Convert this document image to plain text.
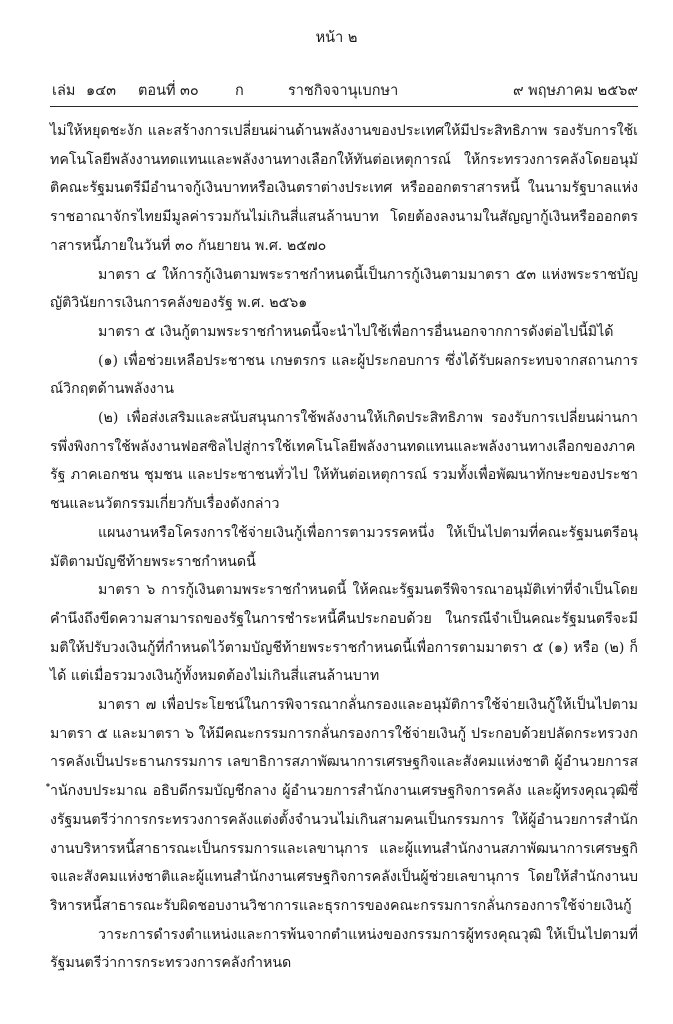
หน้า ๒
เล่ม ๑๔๓ ตอนที่ ๓๐ ก	ราชกิจจานุเบกษา	๙ พฤษภาคม ๒๕๖๙

ไม่ให้หยุดชะงัก และสร้างการเปลี่ยนผ่านด้านพลังงานของประเทศให้มีประสิทธิภาพ รองรับการใช้เทคโนโลยีพลังงานทดแทนและพลังงานทางเลือกให้ทันต่อเหตุการณ์ ให้กระทรวงการคลังโดยอนุมัติคณะรัฐมนตรีมีอำนาจกู้เงินบาทหรือเงินตราต่างประเทศ หรือออกตราสารหนี้ ในนามรัฐบาลแห่งราชอาณาจักรไทยมีมูลค่ารวมกันไม่เกินสี่แสนล้านบาท โดยต้องลงนามในสัญญากู้เงินหรือออกตราสารหนี้ภายในวันที่ ๓๐ กันยายน พ.ศ. ๒๕๗๐

มาตรา ๔ ให้การกู้เงินตามพระราชกำหนดนี้เป็นการกู้เงินตามมาตรา ๕๓ แห่งพระราชบัญญัติวินัยการเงินการคลังของรัฐ พ.ศ. ๒๕๖๑

มาตรา ๕ เงินกู้ตามพระราชกำหนดนี้จะนำไปใช้เพื่อการอื่นนอกจากการดังต่อไปนี้มิได้

(๑) เพื่อช่วยเหลือประชาชน เกษตรกร และผู้ประกอบการ ซึ่งได้รับผลกระทบจากสถานการณ์วิกฤตด้านพลังงาน

(๒) เพื่อส่งเสริมและสนับสนุนการใช้พลังงานให้เกิดประสิทธิภาพ รองรับการเปลี่ยนผ่านการพึ่งพิงการใช้พลังงานฟอสซิลไปสู่การใช้เทคโนโลยีพลังงานทดแทนและพลังงานทางเลือกของภาครัฐ ภาคเอกชน ชุมชน และประชาชนทั่วไป ให้ทันต่อเหตุการณ์ รวมทั้งเพื่อพัฒนาทักษะของประชาชนและนวัตกรรมเกี่ยวกับเรื่องดังกล่าว

แผนงานหรือโครงการใช้จ่ายเงินกู้เพื่อการตามวรรคหนึ่ง ให้เป็นไปตามที่คณะรัฐมนตรีอนุมัติตามบัญชีท้ายพระราชกำหนดนี้

มาตรา ๖ การกู้เงินตามพระราชกำหนดนี้ ให้คณะรัฐมนตรีพิจารณาอนุมัติเท่าที่จำเป็นโดยคำนึงถึงขีดความสามารถของรัฐในการชำระหนี้คืนประกอบด้วย ในกรณีจำเป็นคณะรัฐมนตรีจะมีมติให้ปรับวงเงินกู้ที่กำหนดไว้ตามบัญชีท้ายพระราชกำหนดนี้เพื่อการตามมาตรา ๕ (๑) หรือ (๒) ก็ได้ แต่เมื่อรวมวงเงินกู้ทั้งหมดต้องไม่เกินสี่แสนล้านบาท

มาตรา ๗ เพื่อประโยชน์ในการพิจารณากลั่นกรองและอนุมัติการใช้จ่ายเงินกู้ให้เป็นไปตามมาตรา ๕ และมาตรา ๖ ให้มีคณะกรรมการกลั่นกรองการใช้จ่ายเงินกู้ ประกอบด้วยปลัดกระทรวงการคลังเป็นประธานกรรมการ เลขาธิการสภาพัฒนาการเศรษฐกิจและสังคมแห่งชาติ ผู้อำนวยการสำนักงบประมาณ อธิบดีกรมบัญชีกลาง ผู้อำนวยการสำนักงานเศรษฐกิจการคลัง และผู้ทรงคุณวุฒิซึ่งรัฐมนตรีว่าการกระทรวงการคลังแต่งตั้งจำนวนไม่เกินสามคนเป็นกรรมการ ให้ผู้อำนวยการสำนักงานบริหารหนี้สาธารณะเป็นกรรมการและเลขานุการ และผู้แทนสำนักงานสภาพัฒนาการเศรษฐกิจและสังคมแห่งชาติและผู้แทนสำนักงานเศรษฐกิจการคลังเป็นผู้ช่วยเลขานุการ โดยให้สำนักงานบริหารหนี้สาธารณะรับผิดชอบงานวิชาการและธุรการของคณะกรรมการกลั่นกรองการใช้จ่ายเงินกู้

วาระการดำรงตำแหน่งและการพ้นจากตำแหน่งของกรรมการผู้ทรงคุณวุฒิ ให้เป็นไปตามที่รัฐมนตรีว่าการกระทรวงการคลังกำหนด
